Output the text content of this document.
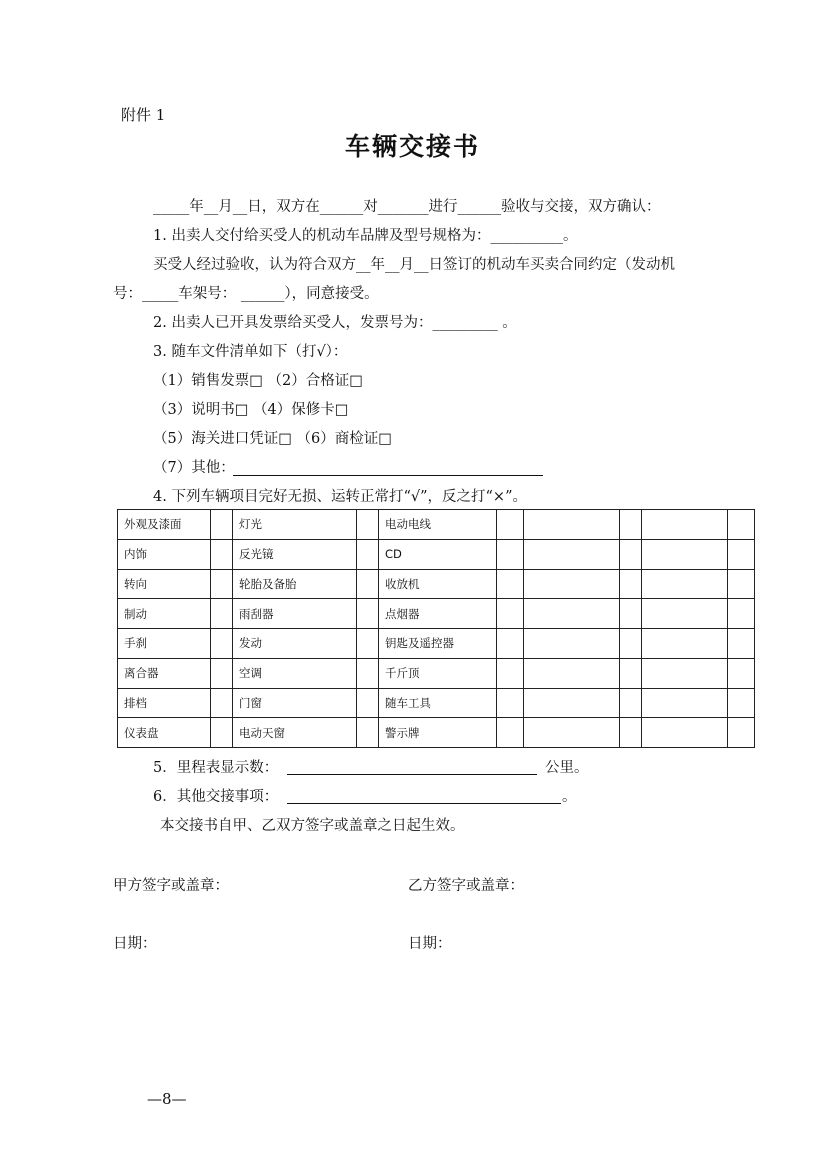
附件 1
车辆交接书
_____年__月__日，双方在______对_______进行______验收与交接，双方确认：
1. 出卖人交付给买受人的机动车品牌及型号规格为：__________。
买受人经过验收，认为符合双方__年__月__日签订的机动车买卖合同约定（发动机
号：_____车架号： ______），同意接受。
2. 出卖人已开具发票给买受人，发票号为：_________ 。
3. 随车文件清单如下（打√）：
（1）销售发票□ （2）合格证□
（3）说明书□ （4）保修卡□
（5）海关进口凭证□ （6）商检证□
（7）其他：
4. 下列车辆项目完好无损、运转正常打“√”，反之打“×”。
外观及漆面		灯光		电动电线					
内饰		反光镜		CD					
转向		轮胎及备胎		收放机					
制动		雨刮器		点烟器					
手刹		发动		钥匙及遥控器					
离合器		空调		千斤顶					
排档		门窗		随车工具					
仪表盘		电动天窗		警示牌					
5．里程表显示数：	公里。
6．其他交接事项：	。
本交接书自甲、乙双方签字或盖章之日起生效。
甲方签字或盖章：	乙方签字或盖章：
日期：	日期：
—8—
